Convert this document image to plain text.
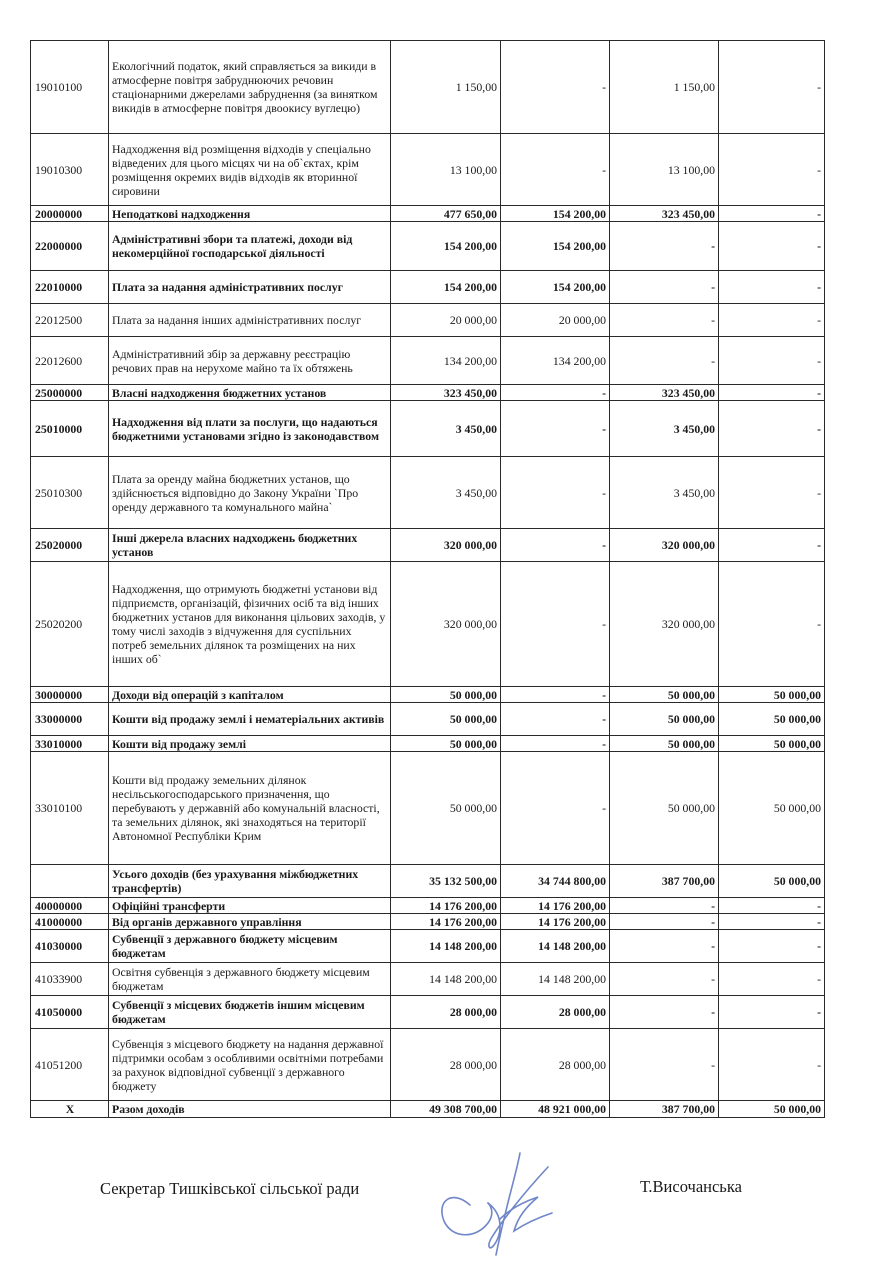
19010100	Екологічний податок, який справляється за викиди в атмосферне повітря забруднюючих речовин стаціонарними джерелами забруднення (за винятком викидів в атмосферне повітря двоокису вуглецю)	1 150,00	-	1 150,00	-
19010300	Надходження від розміщення відходів у спеціально відведених для цього місцях чи на об`єктах, крім розміщення окремих видів відходів як вторинної сировини	13 100,00	-	13 100,00	-
20000000	Неподаткові надходження	477 650,00	154 200,00	323 450,00	-
22000000	Адміністративні збори та платежі, доходи від некомерційної господарської діяльності	154 200,00	154 200,00	-	-
22010000	Плата за надання адміністративних послуг	154 200,00	154 200,00	-	-
22012500	Плата за надання інших адміністративних послуг	20 000,00	20 000,00	-	-
22012600	Адміністративний збір за державну реєстрацію речових прав на нерухоме майно та їх обтяжень	134 200,00	134 200,00	-	-
25000000	Власні надходження бюджетних установ	323 450,00	-	323 450,00	-
25010000	Надходження від плати за послуги, що надаються бюджетними установами згідно із законодавством	3 450,00	-	3 450,00	-
25010300	Плата за оренду майна бюджетних установ, що здійснюється відповідно до Закону України `Про оренду державного та комунального майна`	3 450,00	-	3 450,00	-
25020000	Інші джерела власних надходжень бюджетних установ	320 000,00	-	320 000,00	-
25020200	Надходження, що отримують бюджетні установи від підприємств, організацій, фізичних осіб та від інших бюджетних установ для виконання цільових заходів, у тому числі заходів з відчуження для суспільних потреб земельних ділянок та розміщених на них інших об`	320 000,00	-	320 000,00	-
30000000	Доходи від операцій з капіталом	50 000,00	-	50 000,00	50 000,00
33000000	Кошти від продажу землі і нематеріальних активів	50 000,00	-	50 000,00	50 000,00
33010000	Кошти від продажу землі	50 000,00	-	50 000,00	50 000,00
33010100	Кошти від продажу земельних ділянок несільськогосподарського призначення, що перебувають у державній або комунальній власності, та земельних ділянок, які знаходяться на території Автономної Республіки Крим	50 000,00	-	50 000,00	50 000,00
	Усього доходів (без урахування міжбюджетних трансфертів)	35 132 500,00	34 744 800,00	387 700,00	50 000,00
40000000	Офіційні трансферти	14 176 200,00	14 176 200,00	-	-
41000000	Від органів державного управління	14 176 200,00	14 176 200,00	-	-
41030000	Субвенції з державного бюджету місцевим бюджетам	14 148 200,00	14 148 200,00	-	-
41033900	Освітня субвенція з державного бюджету місцевим бюджетам	14 148 200,00	14 148 200,00	-	-
41050000	Субвенції з місцевих бюджетів іншим місцевим бюджетам	28 000,00	28 000,00	-	-
41051200	Субвенція з місцевого бюджету на надання державної підтримки особам з особливими освітніми потребами за рахунок відповідної субвенції з державного бюджету	28 000,00	28 000,00	-	-
X	Разом доходів	49 308 700,00	48 921 000,00	387 700,00	50 000,00
Секретар Тишківської сільської ради	Т.Височанська
